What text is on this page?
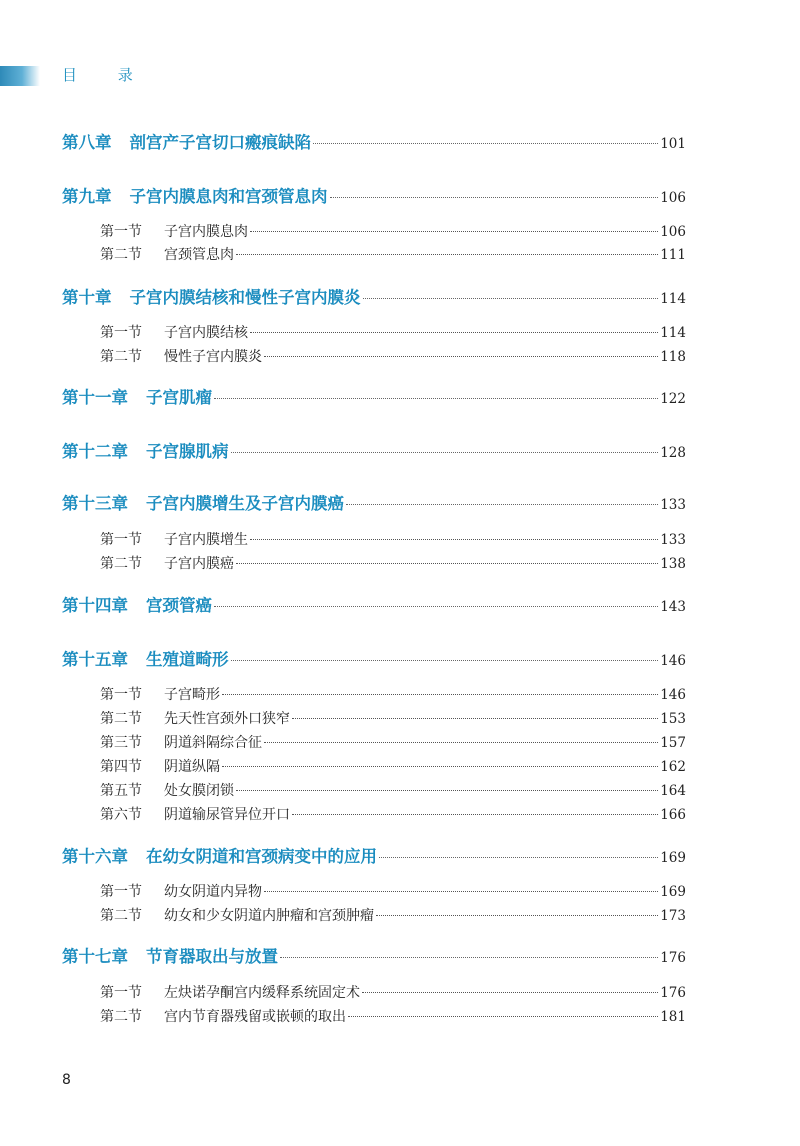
目 录
第八章 剖宫产子宫切口瘢痕缺陷	101
第九章 子宫内膜息肉和宫颈管息肉	106
第一节	子宫内膜息肉	106
第二节	宫颈管息肉	111
第十章 子宫内膜结核和慢性子宫内膜炎	114
第一节	子宫内膜结核	114
第二节	慢性子宫内膜炎	118
第十一章 子宫肌瘤	122
第十二章 子宫腺肌病	128
第十三章 子宫内膜增生及子宫内膜癌	133
第一节	子宫内膜增生	133
第二节	子宫内膜癌	138
第十四章 宫颈管癌	143
第十五章 生殖道畸形	146
第一节	子宫畸形	146
第二节	先天性宫颈外口狭窄	153
第三节	阴道斜隔综合征	157
第四节	阴道纵隔	162
第五节	处女膜闭锁	164
第六节	阴道输尿管异位开口	166
第十六章 在幼女阴道和宫颈病变中的应用	169
第一节	幼女阴道内异物	169
第二节	幼女和少女阴道内肿瘤和宫颈肿瘤	173
第十七章 节育器取出与放置	176
第一节	左炔诺孕酮宫内缓释系统固定术	176
第二节	宫内节育器残留或嵌顿的取出	181
8
